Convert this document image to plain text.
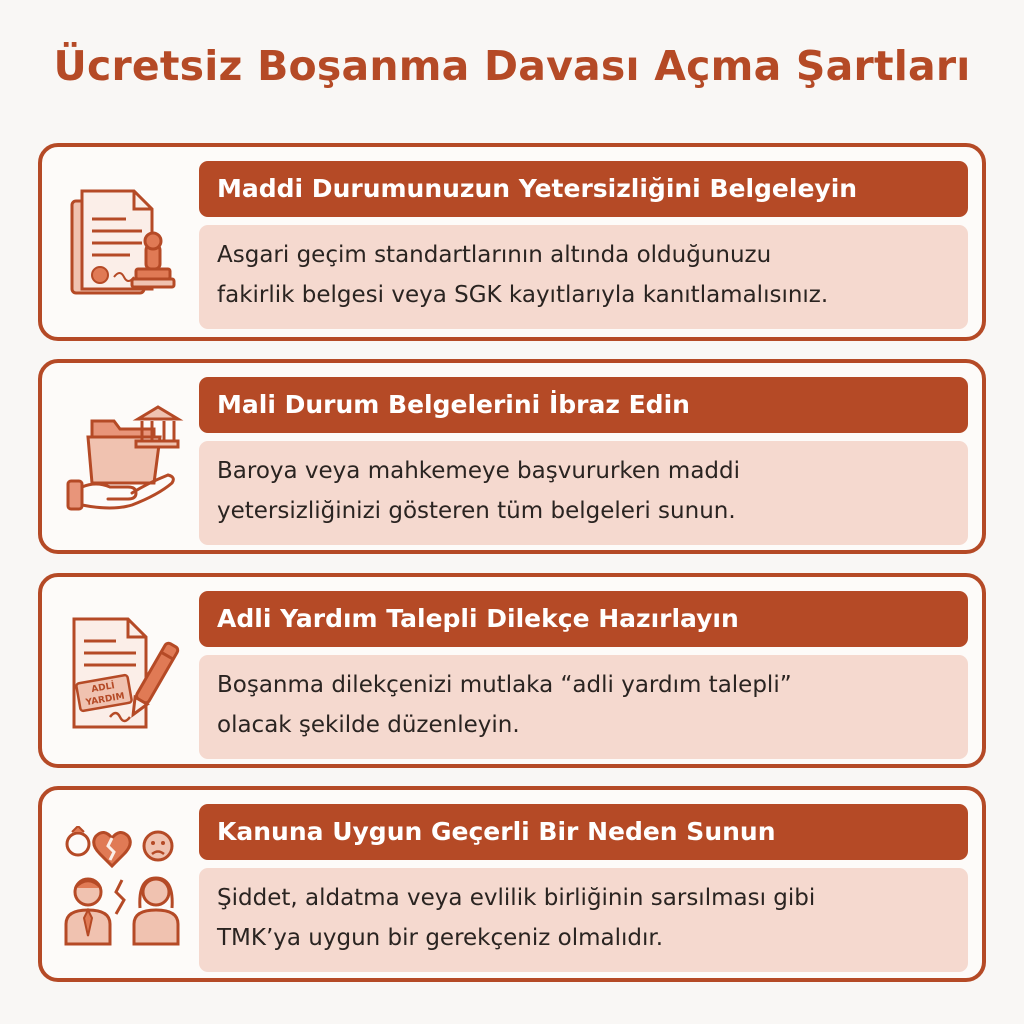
Ücretsiz Boşanma Davası Açma Şartları
Maddi Durumunuzun Yetersizliğini Belgeleyin
Asgari geçim standartlarının altında olduğunuzu
fakirlik belgesi veya SGK kayıtlarıyla kanıtlamalısınız.
Mali Durum Belgelerini İbraz Edin
Baroya veya mahkemeye başvururken maddi
yetersizliğinizi gösteren tüm belgeleri sunun.
ADLİ
YARDIM
Adli Yardım Talepli Dilekçe Hazırlayın
Boşanma dilekçenizi mutlaka “adli yardım talepli”
olacak şekilde düzenleyin.
Kanuna Uygun Geçerli Bir Neden Sunun
Şiddet, aldatma veya evlilik birliğinin sarsılması gibi
TMK’ya uygun bir gerekçeniz olmalıdır.
